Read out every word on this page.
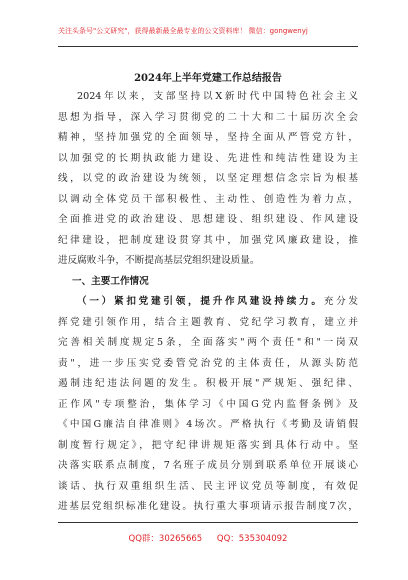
关注头条号"公文研究"，获得最新最全最专业的公文资料库！ 微信：gongwenyj
2024年上半年党建工作总结报告

2024年以来，支部坚持以X新时代中国特色社会主义

思想为指导，深入学习贯彻党的二十大和二十届历次全会

精神，坚持加强党的全面领导，坚持全面从严管党方针，

以加强党的长期执政能力建设、先进性和纯洁性建设为主

线，以党的政治建设为统领，以坚定理想信念宗旨为根基

以调动全体党员干部积极性、主动性、创造性为着力点，

全面推进党的政治建设、思想建设、组织建设、作风建设

纪律建设，把制度建设贯穿其中，加强党风廉政建设，推

进反腐败斗争，不断提高基层党组织建设质量。

一、主要工作情况

（一）紧扣党建引领，提升作风建设持续力。充分发

挥党建引领作用，结合主题教育、党纪学习教育，建立并

完善相关制度规定5条，全面落实"两个责任"和"一岗双

责"，进一步压实党委管党治党的主体责任，从源头防范

遏制违纪违法问题的发生。积极开展"严规矩、强纪律、

正作风"专项整治，集体学习《中国G党内监督条例》及

《中国G廉洁自律准则》4场次。严格执行《考勤及请销假

制度暂行规定》，把守纪律讲规矩落实到具体行动中。坚

决落实联系点制度，7名班子成员分别到联系单位开展谈心

谈话、执行双重组织生活、民主评议党员等制度，有效促

进基层党组织标准化建设。执行重大事项请示报告制度7次，

QQ群：30265665 QQ：535304092
